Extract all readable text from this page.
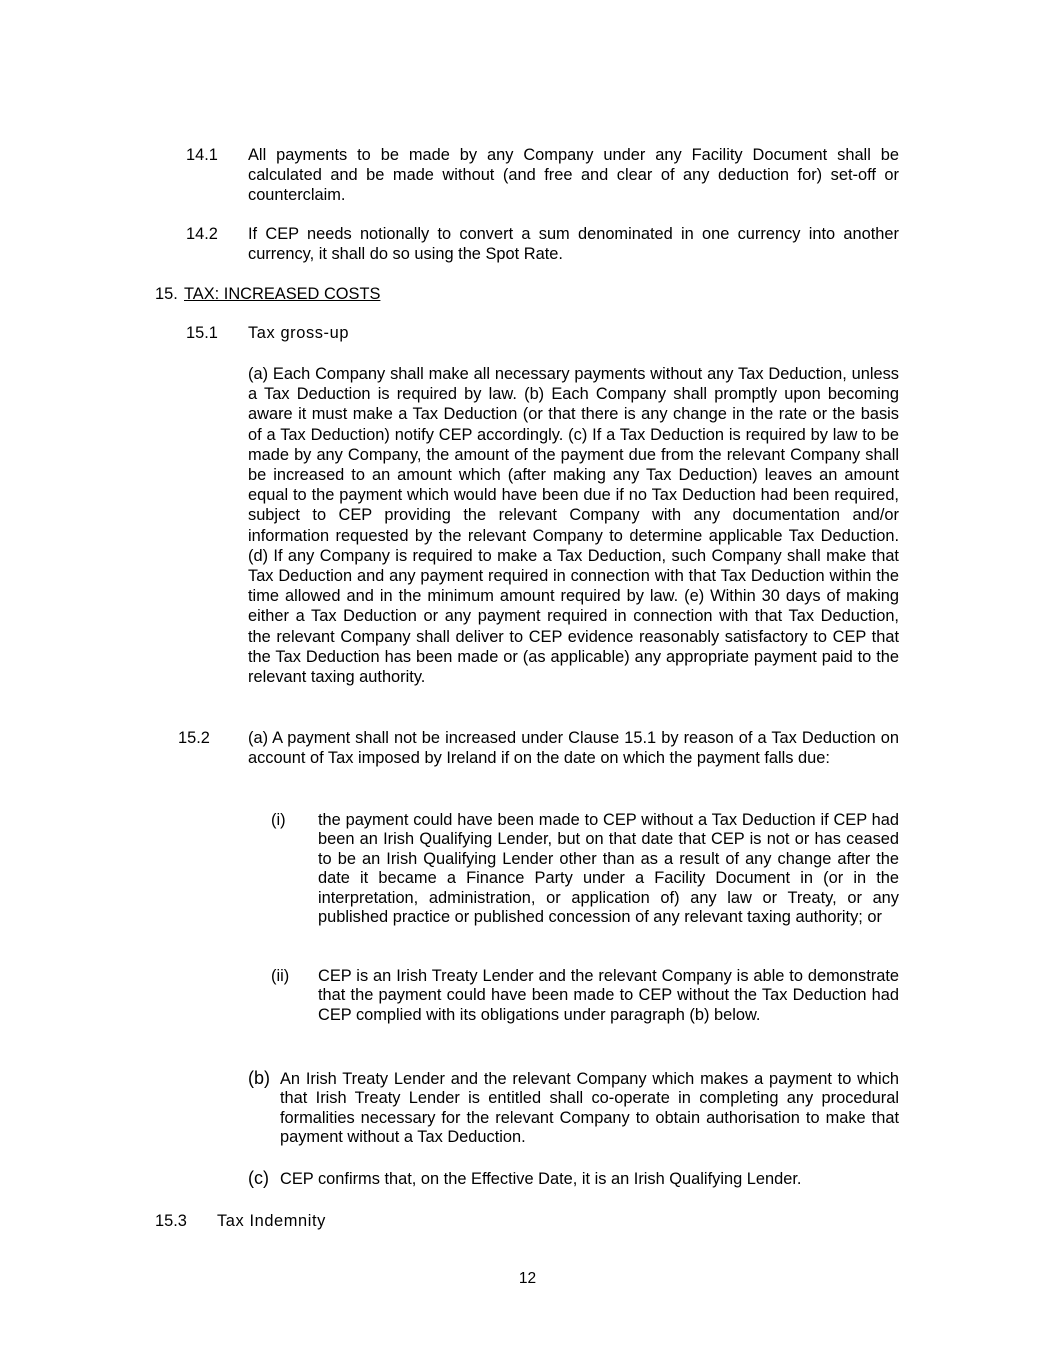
14.1 All payments to be made by any Company under any Facility Document shall be calculated and be made without (and free and clear of any deduction for) set-off or counterclaim.
14.2 If CEP needs notionally to convert a sum denominated in one currency into another currency, it shall do so using the Spot Rate.
15. TAX: INCREASED COSTS
15.1 Tax gross-up
(a) Each Company shall make all necessary payments without any Tax Deduction, unless a Tax Deduction is required by law. (b) Each Company shall promptly upon becoming aware it must make a Tax Deduction (or that there is any change in the rate or the basis of a Tax Deduction) notify CEP accordingly. (c) If a Tax Deduction is required by law to be made by any Company, the amount of the payment due from the relevant Company shall be increased to an amount which (after making any Tax Deduction) leaves an amount equal to the payment which would have been due if no Tax Deduction had been required, subject to CEP providing the relevant Company with any documentation and/or information requested by the relevant Company to determine applicable Tax Deduction. (d) If any Company is required to make a Tax Deduction, such Company shall make that Tax Deduction and any payment required in connection with that Tax Deduction within the time allowed and in the minimum amount required by law. (e) Within 30 days of making either a Tax Deduction or any payment required in connection with that Tax Deduction, the relevant Company shall deliver to CEP evidence reasonably satisfactory to CEP that the Tax Deduction has been made or (as applicable) any appropriate payment paid to the relevant taxing authority.
15.2 (a) A payment shall not be increased under Clause 15.1 by reason of a Tax Deduction on account of Tax imposed by Ireland if on the date on which the payment falls due:
(i) the payment could have been made to CEP without a Tax Deduction if CEP had been an Irish Qualifying Lender, but on that date that CEP is not or has ceased to be an Irish Qualifying Lender other than as a result of any change after the date it became a Finance Party under a Facility Document in (or in the interpretation, administration, or application of) any law or Treaty, or any published practice or published concession of any relevant taxing authority; or
(ii) CEP is an Irish Treaty Lender and the relevant Company is able to demonstrate that the payment could have been made to CEP without the Tax Deduction had CEP complied with its obligations under paragraph (b) below.
(b) An Irish Treaty Lender and the relevant Company which makes a payment to which that Irish Treaty Lender is entitled shall co-operate in completing any procedural formalities necessary for the relevant Company to obtain authorisation to make that payment without a Tax Deduction.
(c) CEP confirms that, on the Effective Date, it is an Irish Qualifying Lender.
15.3 Tax Indemnity
12
